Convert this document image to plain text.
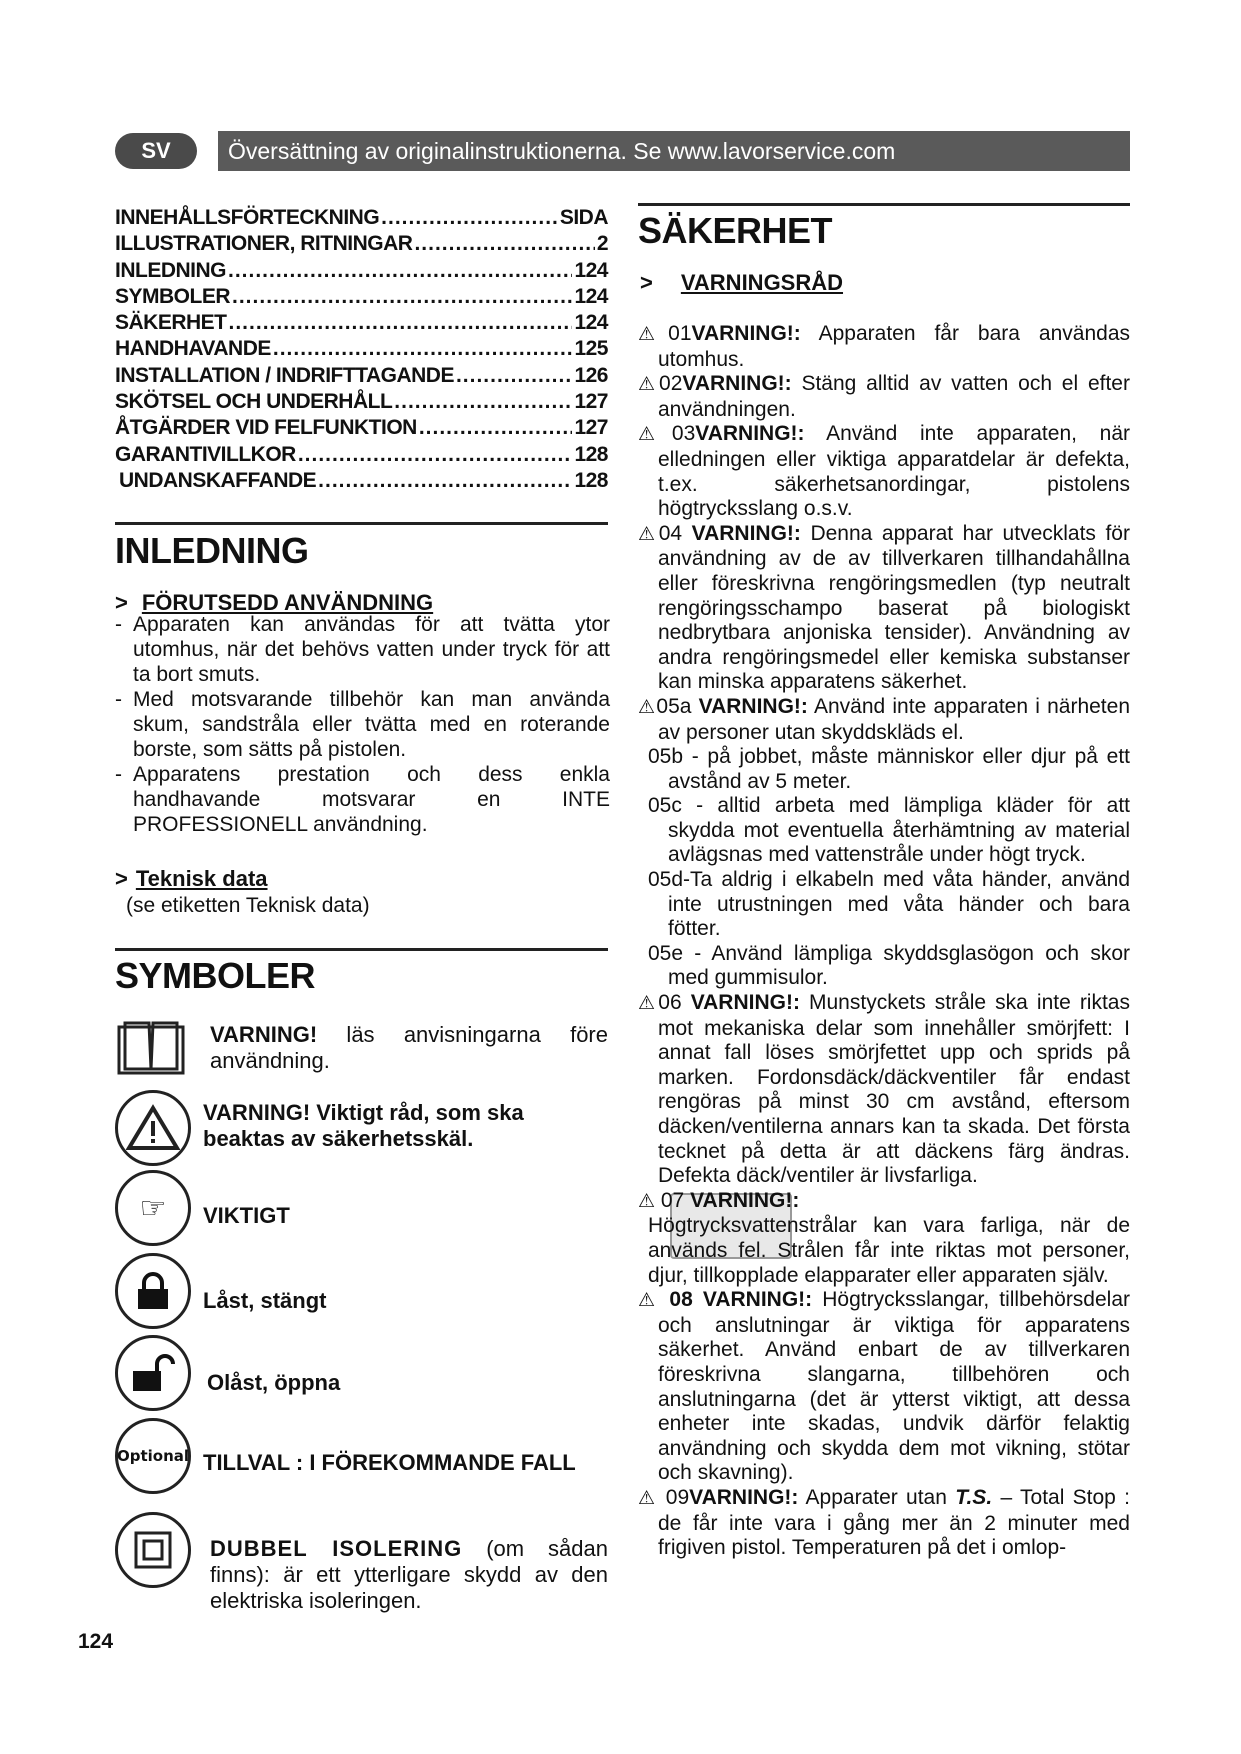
SV	Översättning av originalinstruktionerna. Se www.lavorservice.com
INNEHÅLLSFÖRTECKNING .....	SIDA
ILLUSTRATIONER, RITNINGAR .....	2
INLEDNING .....	124
SYMBOLER .....	124
SÄKERHET .....	124
HANDHAVANDE .....	125
INSTALLATION / INDRIFTTAGANDE .....	126
SKÖTSEL OCH UNDERHÅLL .....	127
ÅTGÄRDER VID FELFUNKTION .....	127
GARANTIVILLKOR .....	128
UNDANSKAFFANDE .....	128
INLEDNING
> FÖRUTSEDD ANVÄNDNING
- Apparaten kan användas för att tvätta ytor utomhus, när det behövs vatten under tryck för att ta bort smuts.
- Med motsvarande tillbehör kan man använda skum, sandstråla eller tvätta med en roterande borste, som sätts på pistolen.
- Apparatens prestation och dess enkla handhavande motsvarar en INTE PROFESSIONELL användning.
> Teknisk data
(se etiketten Teknisk data)
SYMBOLER
VARNING! läs anvisningarna före användning.
VARNING! Viktigt råd, som ska beaktas av säkerhetsskäl.
☞	VIKTIGT
Låst, stängt
Olåst, öppna
Optional TILLVAL : I FÖREKOMMANDE FALL
DUBBEL ISOLERING (om sådan finns): är ett ytterligare skydd av den elektriska isoleringen.
124
SÄKERHET
> VARNINGSRÅD
⚠01VARNING!: Apparaten får bara användas utomhus.
⚠02VARNING!: Stäng alltid av vatten och el efter användningen.
⚠03VARNING!: Använd inte apparaten, när elledningen eller viktiga apparatdelar är defekta, t.ex. säkerhetsanordingar, pistolens högtrycksslang o.s.v.
⚠04 VARNING!: Denna apparat har utvecklats för användning av de av tillverkaren tillhandahållna eller föreskrivna rengöringsmedlen (typ neutralt rengöringsschampo baserat på biologiskt nedbrytbara anjoniska tensider). Användning av andra rengöringsmedel eller kemiska substanser kan minska apparatens säkerhet.
⚠05a VARNING!: Använd inte apparaten i närheten av personer utan skyddskläds el.
05b - på jobbet, måste människor eller djur på ett avstånd av 5 meter.
05c - alltid arbeta med lämpliga kläder för att skydda mot eventuella återhämtning av material avlägsnas med vattenstråle under högt tryck.
05d-Ta aldrig i elkabeln med våta händer, använd inte utrustningen med våta händer och bara fötter.
05e - Använd lämpliga skyddsglasögon och skor med gummisulor.
⚠06 VARNING!: Munstyckets stråle ska inte riktas mot mekaniska delar som innehåller smörjfett: I annat fall löses smörjfettet upp och sprids på marken. Fordonsdäck/däckventiler får endast rengöras på minst 30 cm avstånd, eftersom däcken/ventilerna annars kan ta skada. Det första tecknet på detta är att däckens färg ändras. Defekta däck/ventiler är livsfarliga.
⚠ 07 VARNING!:
Högtrycksvattenstrålar kan vara farliga, när de används fel. Strålen får inte riktas mot personer, djur, tillkopplade elapparater eller apparaten själv.
⚠ 08 VARNING!: Högtrycksslangar, tillbehörsdelar och anslutningar är viktiga för apparatens säkerhet. Använd enbart de av tillverkaren föreskrivna slangarna, tillbehören och anslutningarna (det är ytterst viktigt, att dessa enheter inte skadas, undvik därför felaktig användning och skydda dem mot vikning, stötar och skavning).
⚠ 09VARNING!: Apparater utan T.S. – Total Stop : de får inte vara i gång mer än 2 minuter med frigiven pistol. Temperaturen på det i omlop-
